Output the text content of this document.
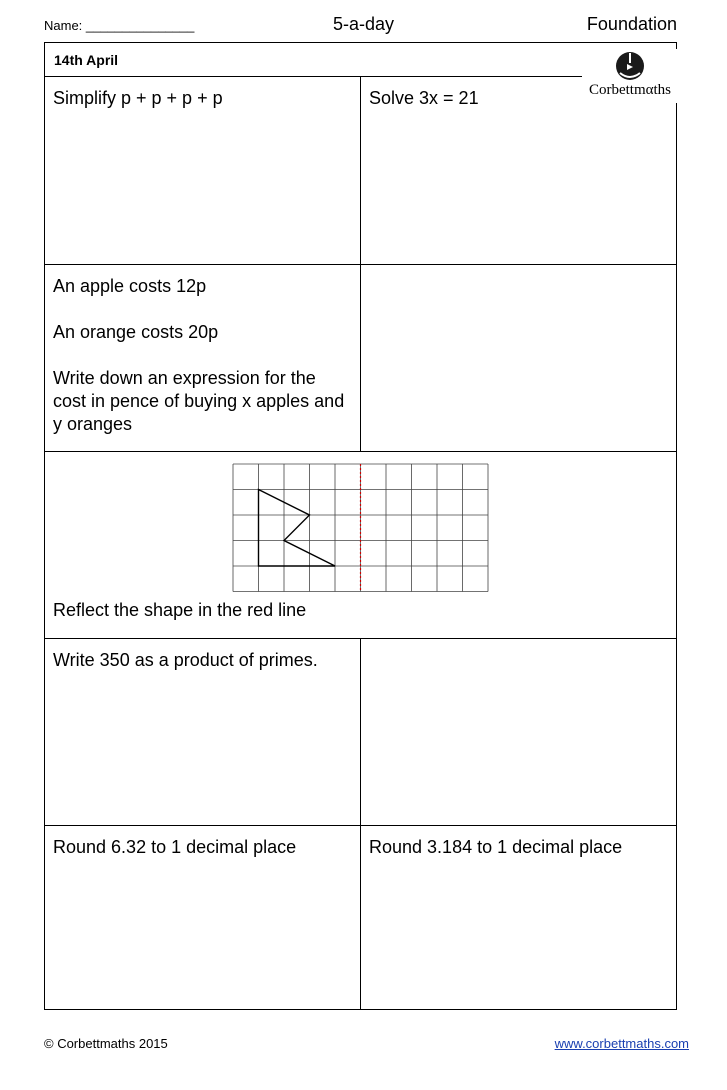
Name: _______________	5-a-day	Foundation
14th April
Corbettmαths
Simplify p + p + p + p	Solve 3x = 21

An apple costs 12p

An orange costs 20p

Write down an expression for the cost in pence of buying x apples and y oranges

Reflect the shape in the red line
Write 350 as a product of primes.
Round 6.32 to 1 decimal place	Round 3.184 to 1 decimal place
© Corbettmaths 2015	www.corbettmaths.com
